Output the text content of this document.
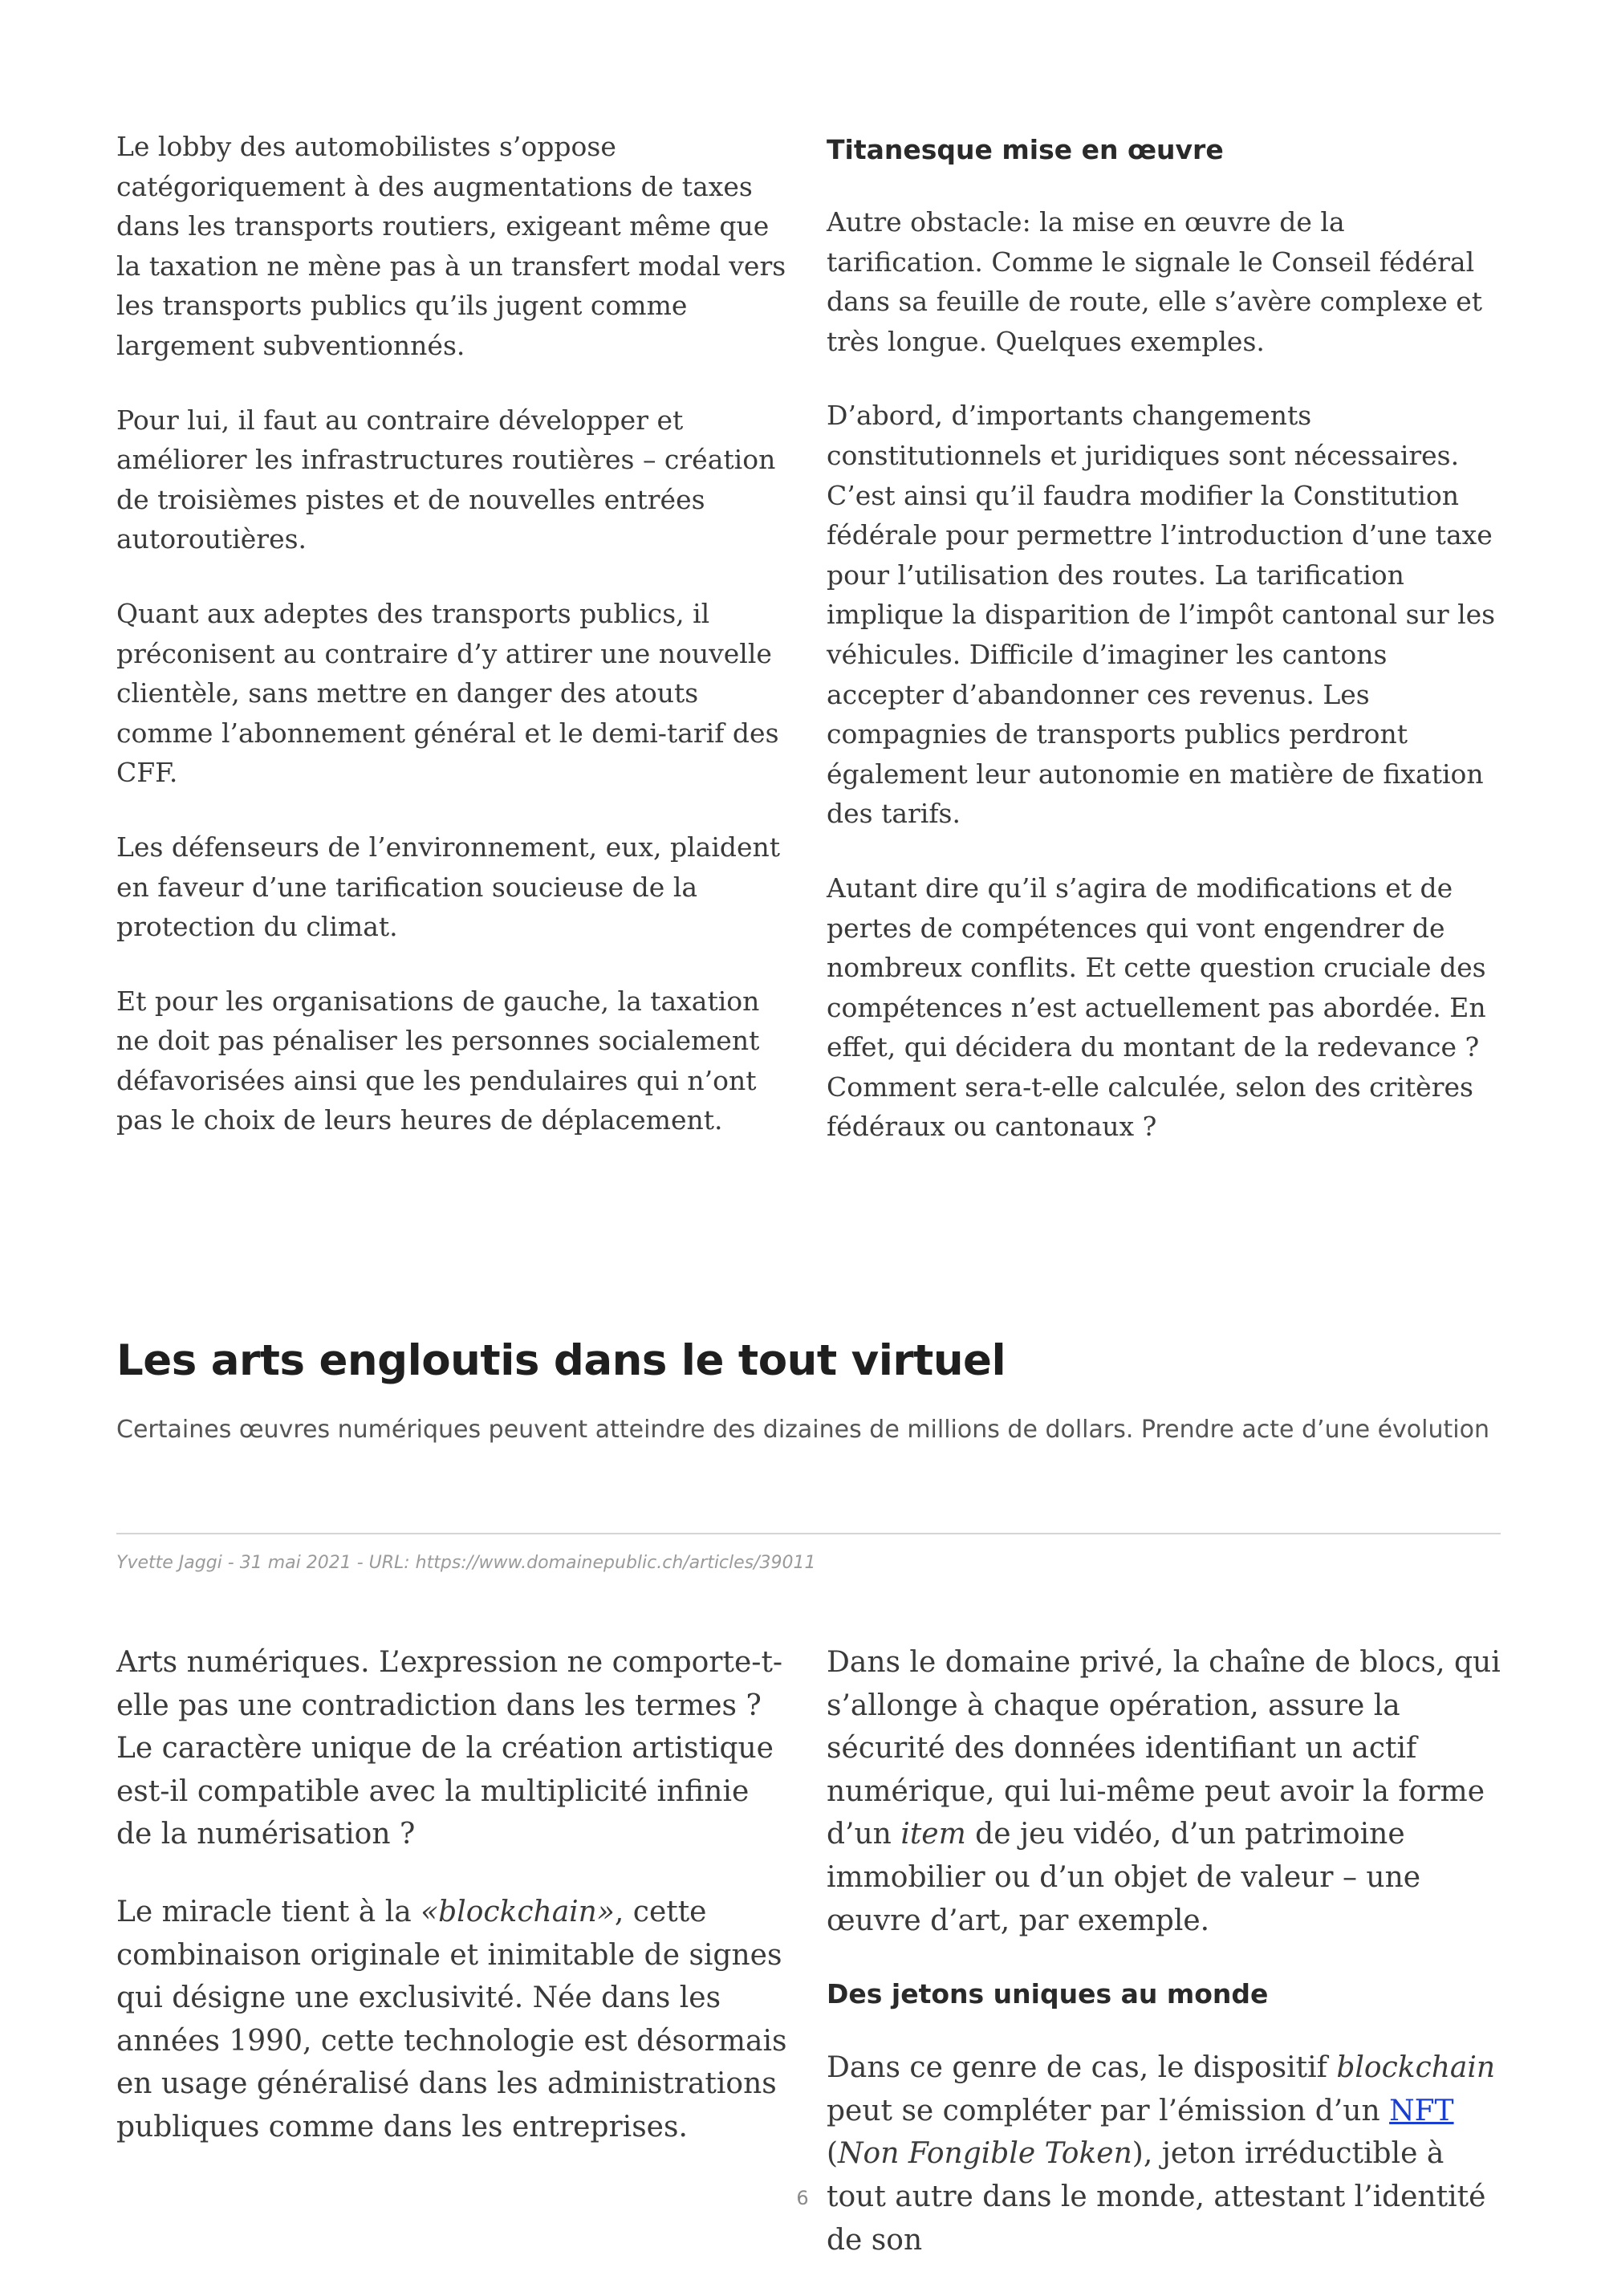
Le lobby des automobilistes s’oppose catégoriquement à des augmentations de taxes dans les transports routiers, exigeant même que la taxation ne mène pas à un transfert modal vers les transports publics qu’ils jugent comme largement subventionnés.

Pour lui, il faut au contraire développer et améliorer les infrastructures routières – création de troisièmes pistes et de nouvelles entrées autoroutières.

Quant aux adeptes des transports publics, il préconisent au contraire d’y attirer une nouvelle clientèle, sans mettre en danger des atouts comme l’abonnement général et le demi-tarif des CFF.

Les défenseurs de l’environnement, eux, plaident en faveur d’une tarification soucieuse de la protection du climat.

Et pour les organisations de gauche, la taxation ne doit pas pénaliser les personnes socialement défavorisées ainsi que les pendulaires qui n’ont pas le choix de leurs heures de déplacement.

Titanesque mise en œuvre

Autre obstacle: la mise en œuvre de la tarification. Comme le signale le Conseil fédéral dans sa feuille de route, elle s’avère complexe et très longue. Quelques exemples.

D’abord, d’importants changements constitutionnels et juridiques sont nécessaires. C’est ainsi qu’il faudra modifier la Constitution fédérale pour permettre l’introduction d’une taxe pour l’utilisation des routes. La tarification implique la disparition de l’impôt cantonal sur les véhicules. Difficile d’imaginer les cantons accepter d’abandonner ces revenus. Les compagnies de transports publics perdront également leur autonomie en matière de fixation des tarifs.

Autant dire qu’il s’agira de modifications et de pertes de compétences qui vont engendrer de nombreux conflits. Et cette question cruciale des compétences n’est actuellement pas abordée. En effet, qui décidera du montant de la redevance ? Comment sera-t-elle calculée, selon des critères fédéraux ou cantonaux ?

Les arts engloutis dans le tout virtuel

Certaines œuvres numériques peuvent atteindre des dizaines de millions de dollars. Prendre acte d’une évolution

Yvette Jaggi - 31 mai 2021 - URL: https://www.domainepublic.ch/articles/39011

Arts numériques. L’expression ne comporte-t-elle pas une contradiction dans les termes ? Le caractère unique de la création artistique est-il compatible avec la multiplicité infinie de la numérisation ?

Le miracle tient à la «blockchain», cette combinaison originale et inimitable de signes qui désigne une exclusivité. Née dans les années 1990, cette technologie est désormais en usage généralisé dans les administrations publiques comme dans les entreprises.

Dans le domaine privé, la chaîne de blocs, qui s’allonge à chaque opération, assure la sécurité des données identifiant un actif numérique, qui lui-même peut avoir la forme d’un item de jeu vidéo, d’un patrimoine immobilier ou d’un objet de valeur – une œuvre d’art, par exemple.

Des jetons uniques au monde

Dans ce genre de cas, le dispositif blockchain peut se compléter par l’émission d’un NFT (Non Fongible Token), jeton irréductible à tout autre dans le monde, attestant l’identité de son

6
